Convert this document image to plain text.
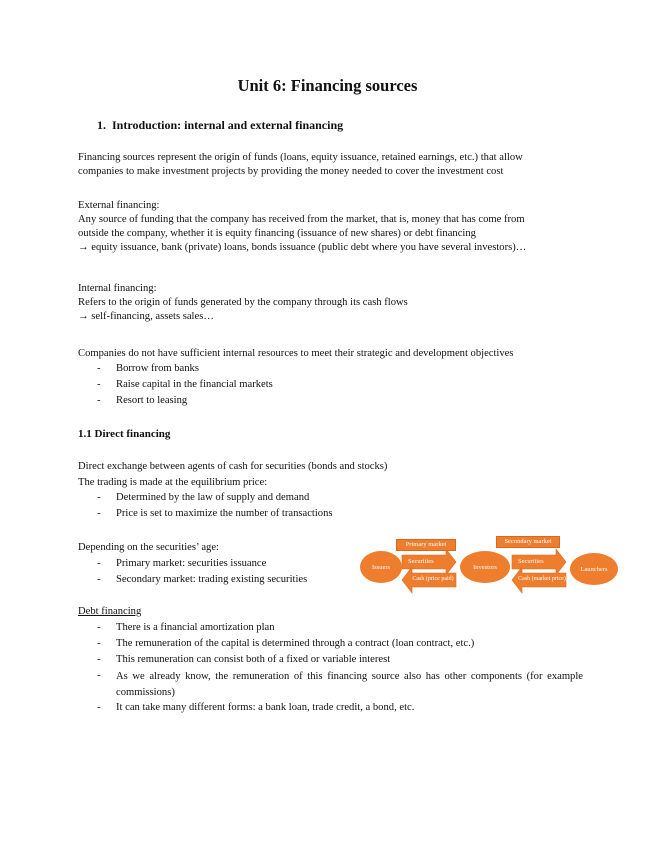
Unit 6: Financing sources
1.  Introduction: internal and external financing
Financing sources represent the origin of funds (loans, equity issuance, retained earnings, etc.) that allow
companies to make investment projects by providing the money needed to cover the investment cost
External financing:
Any source of funding that the company has received from the market, that is, money that has come from
outside the company, whether it is equity financing (issuance of new shares) or debt financing
→ equity issuance, bank (private) loans, bonds issuance (public debt where you have several investors)…
Internal financing:
Refers to the origin of funds generated by the company through its cash flows
→ self-financing, assets sales…
Companies do not have sufficient internal resources to meet their strategic and development objectives
- Borrow from banks
- Raise capital in the financial markets
- Resort to leasing
1.1 Direct financing
Direct exchange between agents of cash for securities (bonds and stocks)
The trading is made at the equilibrium price:
- Determined by the law of supply and demand
- Price is set to maximize the number of transactions
Depending on the securities’ age:
- Primary market: securities issuance
- Secondary market: trading existing securities
Issuers	Investors	Launchers
Primary market	Secondary market
Securities	Securities
Cash (price paid)	Cash (market price)
Debt financing
- There is a financial amortization plan
- The remuneration of the capital is determined through a contract (loan contract, etc.)
- This remuneration can consist both of a fixed or variable interest
- As we already know, the remuneration of this financing source also has other components (for example commissions)
- It can take many different forms: a bank loan, trade credit, a bond, etc.
